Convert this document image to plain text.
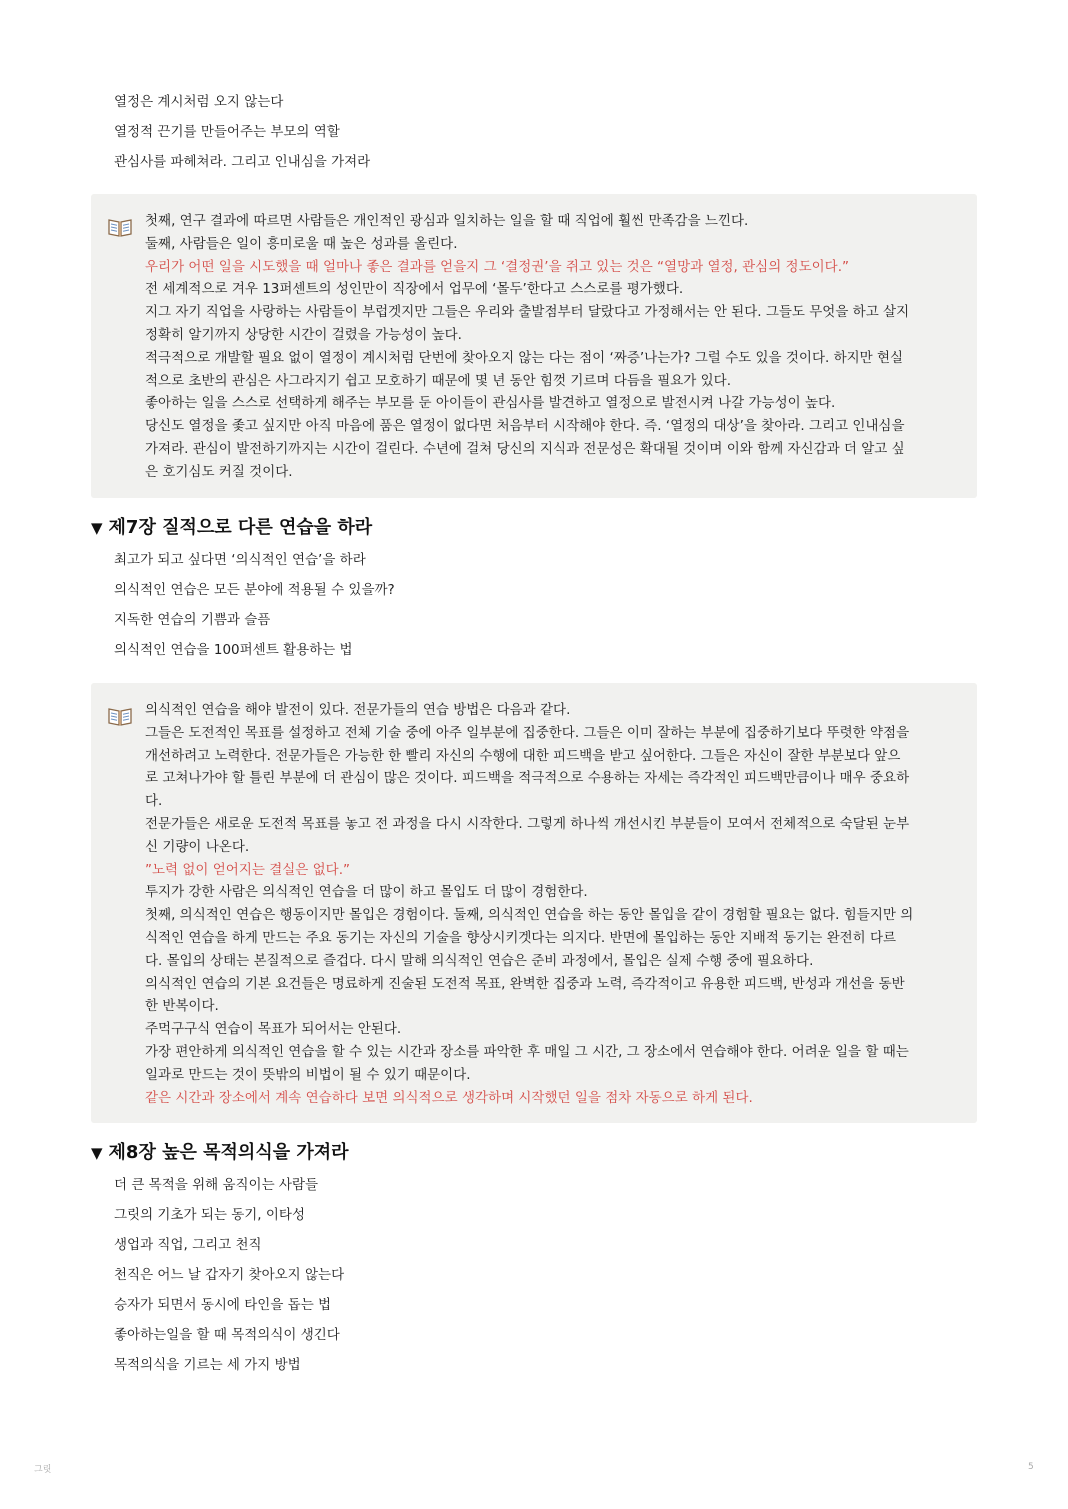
열정은 계시처럼 오지 않는다
열정적 끈기를 만들어주는 부모의 역할
관심사를 파헤쳐라. 그리고 인내심을 가져라
첫째, 연구 결과에 따르면 사람들은 개인적인 광심과 일치하는 일을 할 때 직업에 훨씬 만족감을 느낀다.
둘째, 사람들은 일이 흥미로울 때 높은 성과를 올린다.
우리가 어떤 일을 시도했을 때 얼마나 좋은 결과를 얻을지 그 ‘결정권’을 쥐고 있는 것은 “열망과 열정, 관심의 정도이다.”
전 세계적으로 겨우 13퍼센트의 성인만이 직장에서 업무에 ‘몰두’한다고 스스로를 평가했다.
지그 자기 직업을 사랑하는 사람들이 부럽겟지만 그들은 우리와 출발점부터 달랐다고 가정해서는 안 된다. 그들도 무엇을 하고 살지
정확히 알기까지 상당한 시간이 걸렸을 가능성이 높다.
적극적으로 개발할 필요 없이 열정이 계시처럼 단번에 찾아오지 않는 다는 점이 ‘짜증’나는가? 그럴 수도 있을 것이다. 하지만 현실
적으로 초반의 관심은 사그라지기 쉽고 모호하기 때문에 몇 년 동안 힘껏 기르며 다듬을 필요가 있다.
좋아하는 일을 스스로 선택하게 해주는 부모를 둔 아이들이 관심사를 발견하고 열정으로 발전시켜 나갈 가능성이 높다.
당신도 열정을 좇고 싶지만 아직 마음에 품은 열정이 없다면 처음부터 시작해야 한다. 즉. ‘열정의 대상’을 찾아라. 그리고 인내심을
가져라. 관심이 발전하기까지는 시간이 걸린다. 수년에 걸쳐 당신의 지식과 전문성은 확대될 것이며 이와 함께 자신감과 더 알고 싶
은 호기심도 커질 것이다.
▼ 제7장 질적으로 다른 연습을 하라
최고가 되고 싶다면 ‘의식적인 연습’을 하라
의식적인 연습은 모든 분야에 적용될 수 있을까?
지독한 연습의 기쁨과 슬픔
의식적인 연습을 100퍼센트 활용하는 법
의식적인 연습을 해야 발전이 있다. 전문가들의 연습 방법은 다음과 같다.
그들은 도전적인 목표를 설정하고 전체 기술 중에 아주 일부분에 집중한다. 그들은 이미 잘하는 부분에 집중하기보다 뚜렷한 약점을
개선하려고 노력한다. 전문가들은 가능한 한 빨리 자신의 수행에 대한 피드백을 받고 싶어한다. 그들은 자신이 잘한 부분보다 앞으
로 고쳐나가야 할 틀린 부분에 더 관심이 많은 것이다. 피드백을 적극적으로 수용하는 자세는 즉각적인 피드백만큼이나 매우 중요하
다.
전문가들은 새로운 도전적 목표를 놓고 전 과정을 다시 시작한다. 그렇게 하나씩 개선시킨 부분들이 모여서 전체적으로 숙달된 눈부
신 기량이 나온다.
”노력 없이 얻어지는 결실은 없다.”
투지가 강한 사람은 의식적인 연습을 더 많이 하고 몰입도 더 많이 경험한다.
첫째, 의식적인 연습은 행동이지만 몰입은 경험이다. 둘째, 의식적인 연습을 하는 동안 몰입을 같이 경험할 필요는 없다. 힘들지만 의
식적인 연습을 하게 만드는 주요 동기는 자신의 기술을 향상시키겟다는 의지다. 반면에 몰입하는 동안 지배적 동기는 완전히 다르
다. 몰입의 상태는 본질적으로 즐겁다. 다시 말해 의식적인 연습은 준비 과정에서, 몰입은 실제 수행 중에 필요하다.
의식적인 연습의 기본 요건들은 명료하게 진술된 도전적 목표, 완벽한 집중과 노력, 즉각적이고 유용한 피드백, 반성과 개선을 동반
한 반복이다.
주먹구구식 연습이 목표가 되어서는 안된다.
가장 편안하게 의식적인 연습을 할 수 있는 시간과 장소를 파악한 후 매일 그 시간, 그 장소에서 연습해야 한다. 어려운 일을 할 때는
일과로 만드는 것이 뜻밖의 비법이 될 수 있기 때문이다.
같은 시간과 장소에서 계속 연습하다 보면 의식적으로 생각하며 시작했던 일을 점차 자동으로 하게 된다.
▼ 제8장 높은 목적의식을 가져라
더 큰 목적을 위해 움직이는 사람들
그릿의 기초가 되는 동기, 이타성
생업과 직업, 그리고 천직
천직은 어느 날 갑자기 찾아오지 않는다
승자가 되면서 동시에 타인을 돕는 법
좋아하는일을 할 때 목적의식이 생긴다
목적의식을 기르는 세 가지 방법
그릿	5
